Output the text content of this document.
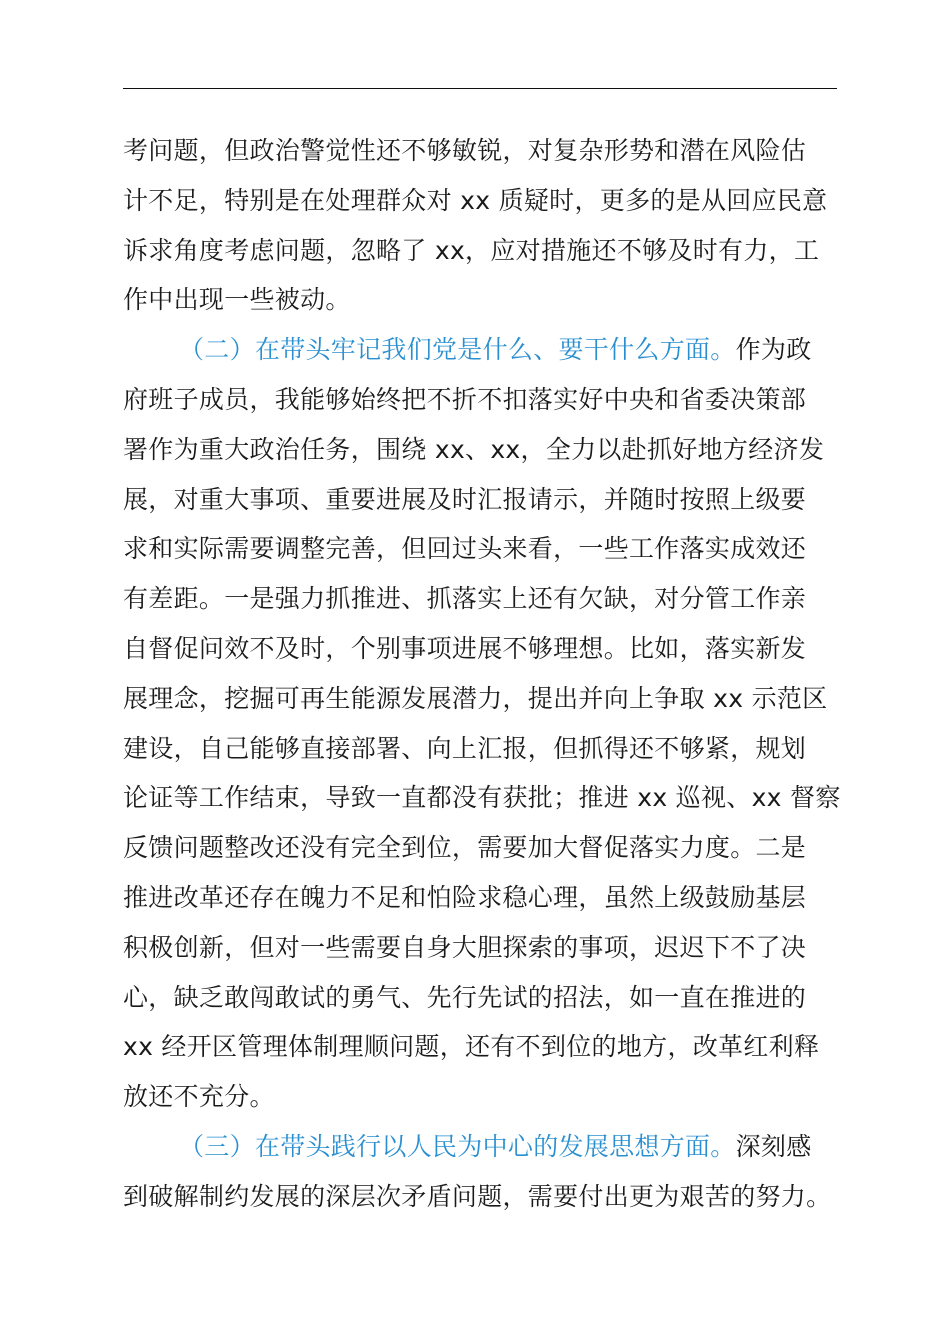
考问题，但政治警觉性还不够敏锐，对复杂形势和潜在风险估
计不足，特别是在处理群众对 xx 质疑时，更多的是从回应民意
诉求角度考虑问题，忽略了 xx，应对措施还不够及时有力，工
作中出现一些被动。
（二）在带头牢记我们党是什么、要干什么方面。作为政
府班子成员，我能够始终把不折不扣落实好中央和省委决策部
署作为重大政治任务，围绕 xx、xx，全力以赴抓好地方经济发
展，对重大事项、重要进展及时汇报请示，并随时按照上级要
求和实际需要调整完善，但回过头来看，一些工作落实成效还
有差距。一是强力抓推进、抓落实上还有欠缺，对分管工作亲
自督促问效不及时，个别事项进展不够理想。比如，落实新发
展理念，挖掘可再生能源发展潜力，提出并向上争取 xx 示范区
建设，自己能够直接部署、向上汇报，但抓得还不够紧，规划
论证等工作结束，导致一直都没有获批；推进 xx 巡视、xx 督察
反馈问题整改还没有完全到位，需要加大督促落实力度。二是
推进改革还存在魄力不足和怕险求稳心理，虽然上级鼓励基层
积极创新，但对一些需要自身大胆探索的事项，迟迟下不了决
心，缺乏敢闯敢试的勇气、先行先试的招法，如一直在推进的
xx 经开区管理体制理顺问题，还有不到位的地方，改革红利释
放还不充分。
（三）在带头践行以人民为中心的发展思想方面。深刻感
到破解制约发展的深层次矛盾问题，需要付出更为艰苦的努力。
